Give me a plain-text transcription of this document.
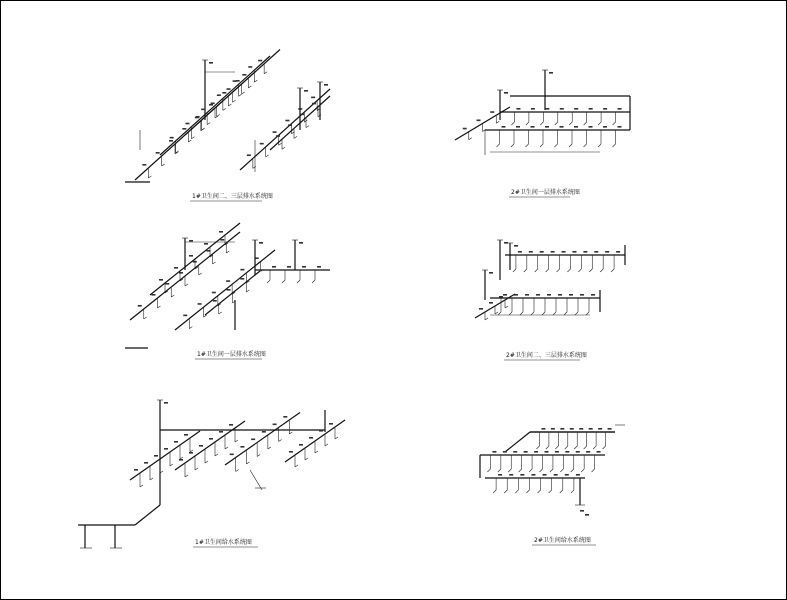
1#卫生间二、三层排水系统图
2#卫生间一层排水系统图
1#卫生间一层排水系统图	2#卫生间二、三层排水系统图
1#卫生间给水系统图	2#卫生间给水系统图
